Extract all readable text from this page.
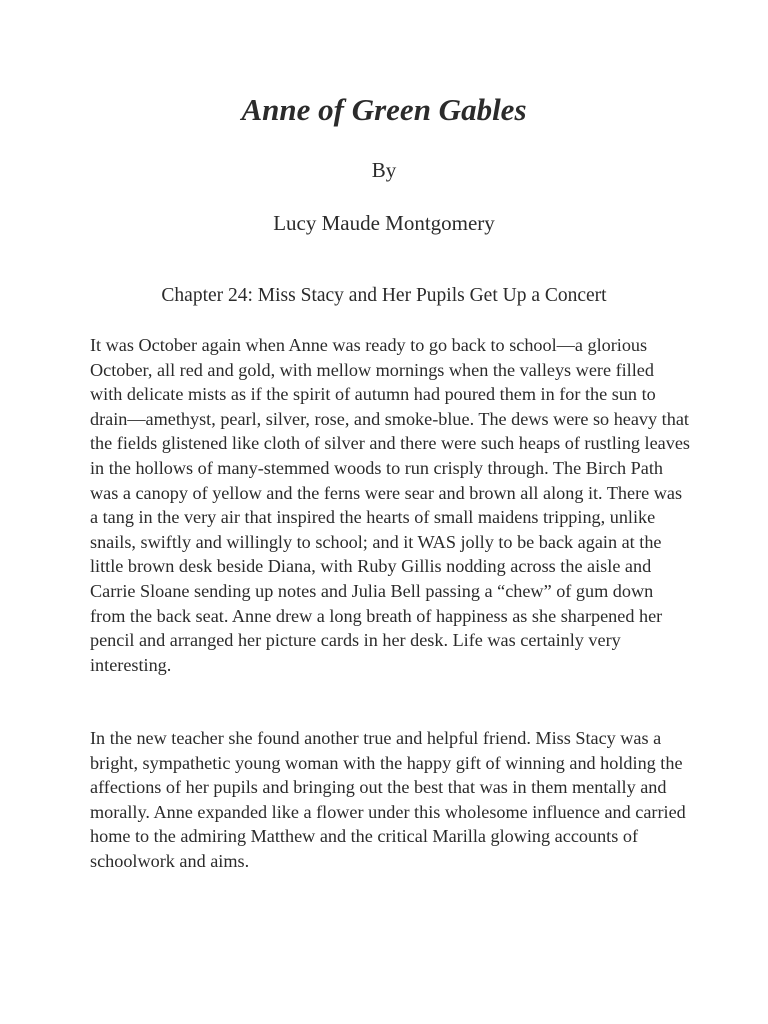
Anne of Green Gables

By

Lucy Maude Montgomery

Chapter 24: Miss Stacy and Her Pupils Get Up a Concert

It was October again when Anne was ready to go back to school—a glorious October, all red and gold, with mellow mornings when the valleys were filled with delicate mists as if the spirit of autumn had poured them in for the sun to drain—amethyst, pearl, silver, rose, and smoke-blue. The dews were so heavy that the fields glistened like cloth of silver and there were such heaps of rustling leaves in the hollows of many-stemmed woods to run crisply through. The Birch Path was a canopy of yellow and the ferns were sear and brown all along it. There was a tang in the very air that inspired the hearts of small maidens tripping, unlike snails, swiftly and willingly to school; and it WAS jolly to be back again at the little brown desk beside Diana, with Ruby Gillis nodding across the aisle and Carrie Sloane sending up notes and Julia Bell passing a “chew” of gum down from the back seat. Anne drew a long breath of happiness as she sharpened her pencil and arranged her picture cards in her desk. Life was certainly very interesting.

In the new teacher she found another true and helpful friend. Miss Stacy was a bright, sympathetic young woman with the happy gift of winning and holding the affections of her pupils and bringing out the best that was in them mentally and morally. Anne expanded like a flower under this wholesome influence and carried home to the admiring Matthew and the critical Marilla glowing accounts of schoolwork and aims.
